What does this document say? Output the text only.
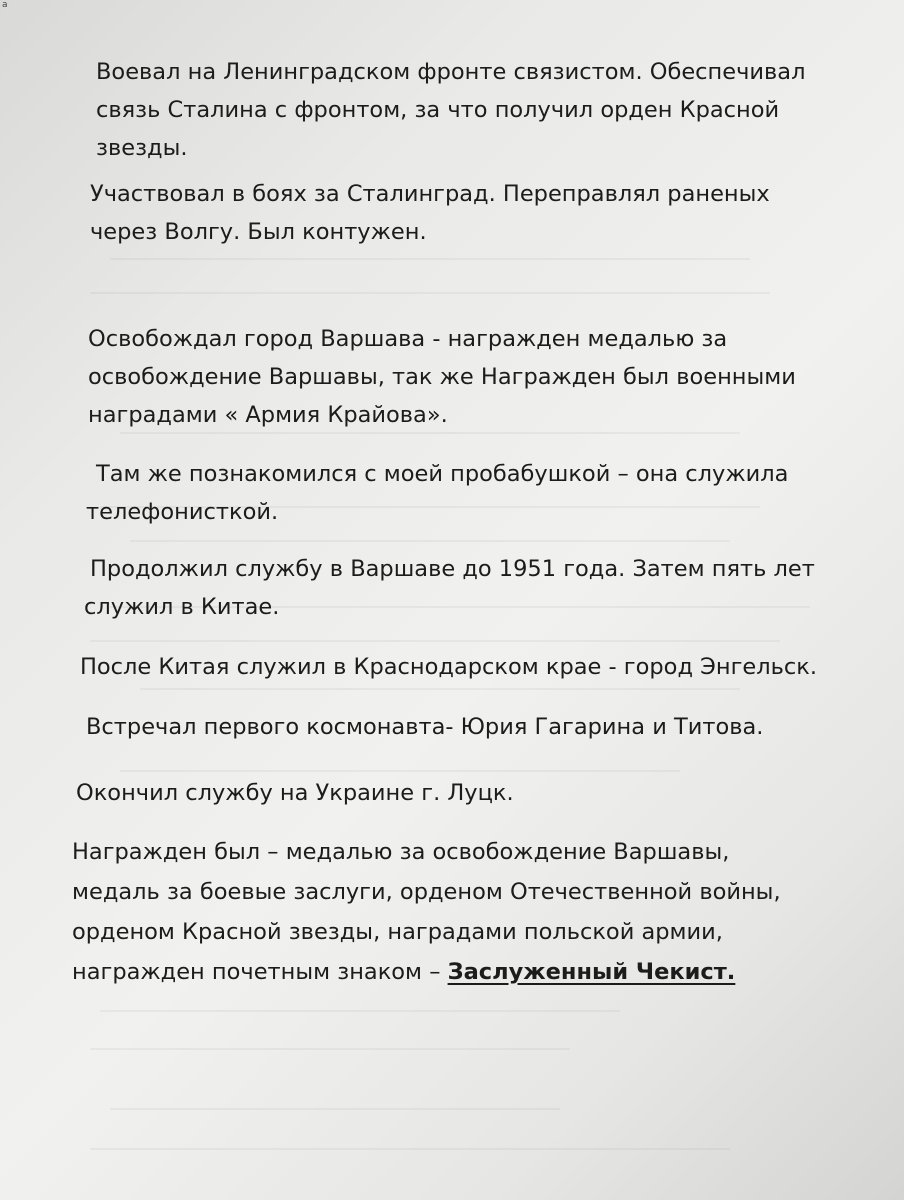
a

Воевал на Ленинградском фронте связистом. Обеспечивал
связь Сталина с фронтом, за что получил орден Красной
звезды.

Участвовал в боях за Сталинград. Переправлял раненых
через Волгу. Был контужен.

Освобождал город Варшава - награжден медалью за
освобождение Варшавы, так же Награжден был военными
наградами « Армия Крайова».

Там же познакомился с моей пробабушкой – она служила
телефонисткой.

Продолжил службу в Варшаве до 1951 года. Затем пять лет
служил в Китае.

После Китая служил в Краснодарском крае - город Энгельск.

Встречал первого космонавта- Юрия Гагарина и Титова.

Окончил службу на Украине г. Луцк.

Награжден был – медалью за освобождение Варшавы,
медаль за боевые заслуги, орденом Отечественной войны,
орденом Красной звезды, наградами польской армии,
награжден почетным знаком – Заслуженный Чекист.
